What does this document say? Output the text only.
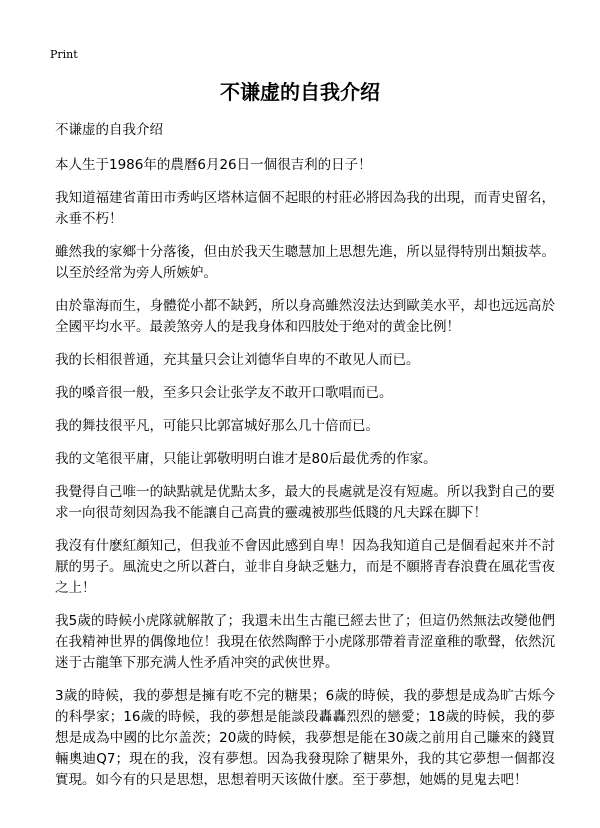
Print
不谦虚的自我介绍

不谦虚的自我介绍

本人生于1986年的農曆6月26日一個很吉利的日子！

我知道福建省莆田市秀屿区塔林這個不起眼的村莊必將因為我的出現，而青史留名，永垂不朽！

雖然我的家鄉十分落後，但由於我天生聰慧加上思想先進，所以显得特別出類拔萃。以至於经常为旁人所嫉妒。

由於靠海而生，身體從小都不缺鈣，所以身高雖然沒法达到歐美水平，却也远远高於全國平均水平。最羨煞旁人的是我身体和四肢处于绝对的黄金比例！

我的长相很普通，充其量只会让刘德华自卑的不敢见人而已。

我的嗓音很一般，至多只会让张学友不敢开口歌唱而已。

我的舞技很平凡，可能只比郭富城好那么几十倍而已。

我的文笔很平庸，只能让郭敬明明白谁才是80后最优秀的作家。

我覺得自己唯一的缺點就是优點太多，最大的長處就是沒有短處。所以我對自己的要求一向很苛刻因為我不能讓自己高貴的靈魂被那些低賤的凡夫踩在脚下！

我沒有什麽紅顏知己，但我並不會因此感到自卑！因為我知道自己是個看起來并不討厭的男子。風流史之所以蒼白，並非自身缺乏魅力，而是不願將青春浪費在風花雪夜之上！

我5歲的時候小虎隊就解散了；我還未出生古龍已經去世了；但這仍然無法改變他們在我精神世界的偶像地位！我現在依然陶醉于小虎隊那帶着青涩童稚的歌聲，依然沉迷于古龍筆下那充满人性矛盾冲突的武俠世界。

3歲的時候，我的夢想是擁有吃不完的糖果；6歲的時候，我的夢想是成為旷古烁今的科學家；16歲的時候，我的夢想是能談段轟轟烈烈的戀愛；18歲的時候，我的夢想是成為中國的比尔盖茨；20歲的時候，我夢想是能在30歲之前用自己賺來的錢買輛奧迪Q7；現在的我，沒有夢想。因為我發現除了糖果外，我的其它夢想一個都沒實現。如今有的只是思想，思想着明天该做什麽。至于夢想，她媽的見鬼去吧！
